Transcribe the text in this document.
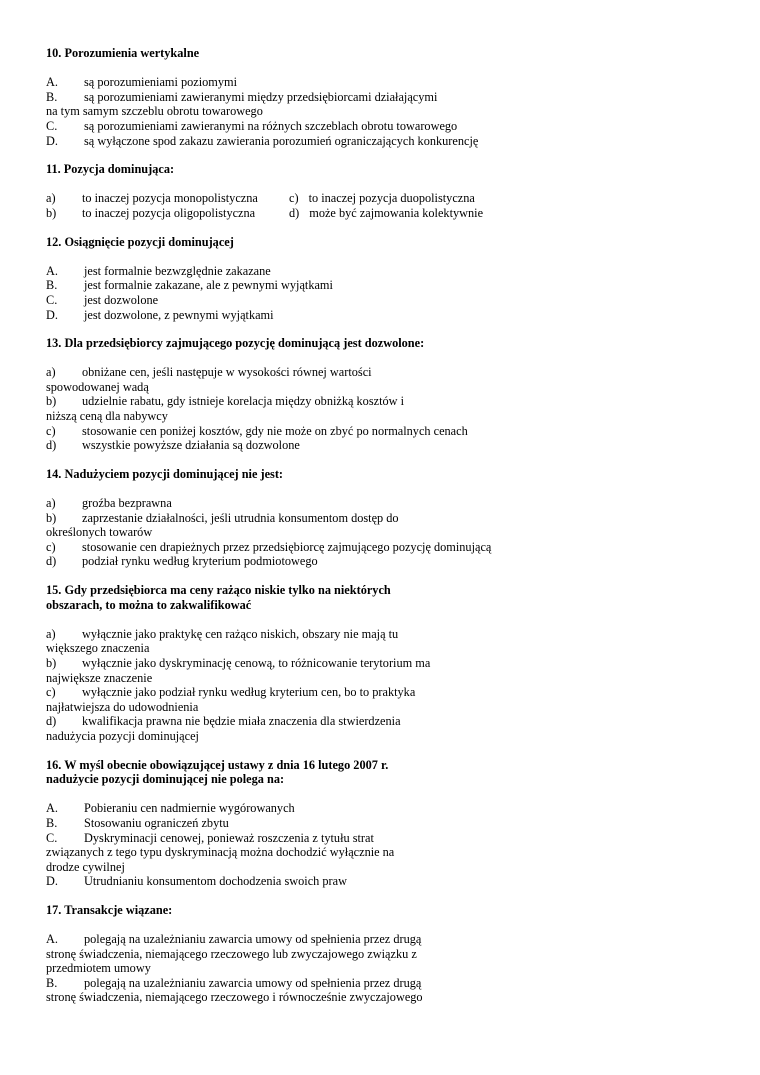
10. Porozumienia wertykalne
A.	są porozumieniami poziomymi
B.	są porozumieniami zawieranymi między przedsiębiorcami działającymi
na tym samym szczeblu obrotu towarowego
C.	są porozumieniami zawieranymi na różnych szczeblach obrotu towarowego
D.	są wyłączone spod zakazu zawierania porozumień ograniczających konkurencję
11. Pozycja dominująca:
a)	to inaczej pozycja monopolistyczna	c) to inaczej pozycja duopolistyczna
b)	to inaczej pozycja oligopolistyczna	d) może być zajmowania kolektywnie
12. Osiągnięcie pozycji dominującej
A.	jest formalnie bezwzględnie zakazane
B.	jest formalnie zakazane, ale z pewnymi wyjątkami
C.	jest dozwolone
D.	jest dozwolone, z pewnymi wyjątkami
13. Dla przedsiębiorcy zajmującego pozycję dominującą jest dozwolone:
a)	obniżane cen, jeśli następuje w wysokości równej wartości
spowodowanej wadą
b)	udzielnie rabatu, gdy istnieje korelacja między obniżką kosztów i
niższą ceną dla nabywcy
c)	stosowanie cen poniżej kosztów, gdy nie może on zbyć po normalnych cenach
d)	wszystkie powyższe działania są dozwolone
14. Nadużyciem pozycji dominującej nie jest:
a)	groźba bezprawna
b)	zaprzestanie działalności, jeśli utrudnia konsumentom dostęp do
określonych towarów
c)	stosowanie cen drapieżnych przez przedsiębiorcę zajmującego pozycję dominującą
d)	podział rynku według kryterium podmiotowego
15. Gdy przedsiębiorca ma ceny rażąco niskie tylko na niektórych
obszarach, to można to zakwalifikować
a)	wyłącznie jako praktykę cen rażąco niskich, obszary nie mają tu
większego znaczenia
b)	wyłącznie jako dyskryminację cenową, to różnicowanie terytorium ma
największe znaczenie
c)	wyłącznie jako podział rynku według kryterium cen, bo to praktyka
najłatwiejsza do udowodnienia
d)	kwalifikacja prawna nie będzie miała znaczenia dla stwierdzenia
nadużycia pozycji dominującej
16. W myśl obecnie obowiązującej ustawy z dnia 16 lutego 2007 r.
nadużycie pozycji dominującej nie polega na:
A.	Pobieraniu cen nadmiernie wygórowanych
B.	Stosowaniu ograniczeń zbytu
C.	Dyskryminacji cenowej, ponieważ roszczenia z tytułu strat
związanych z tego typu dyskryminacją można dochodzić wyłącznie na
drodze cywilnej
D.	Utrudnianiu konsumentom dochodzenia swoich praw
17. Transakcje wiązane:
A.	polegają na uzależnianiu zawarcia umowy od spełnienia przez drugą
stronę świadczenia, niemającego rzeczowego lub zwyczajowego związku z
przedmiotem umowy
B.	polegają na uzależnianiu zawarcia umowy od spełnienia przez drugą
stronę świadczenia, niemającego rzeczowego i równocześnie zwyczajowego
